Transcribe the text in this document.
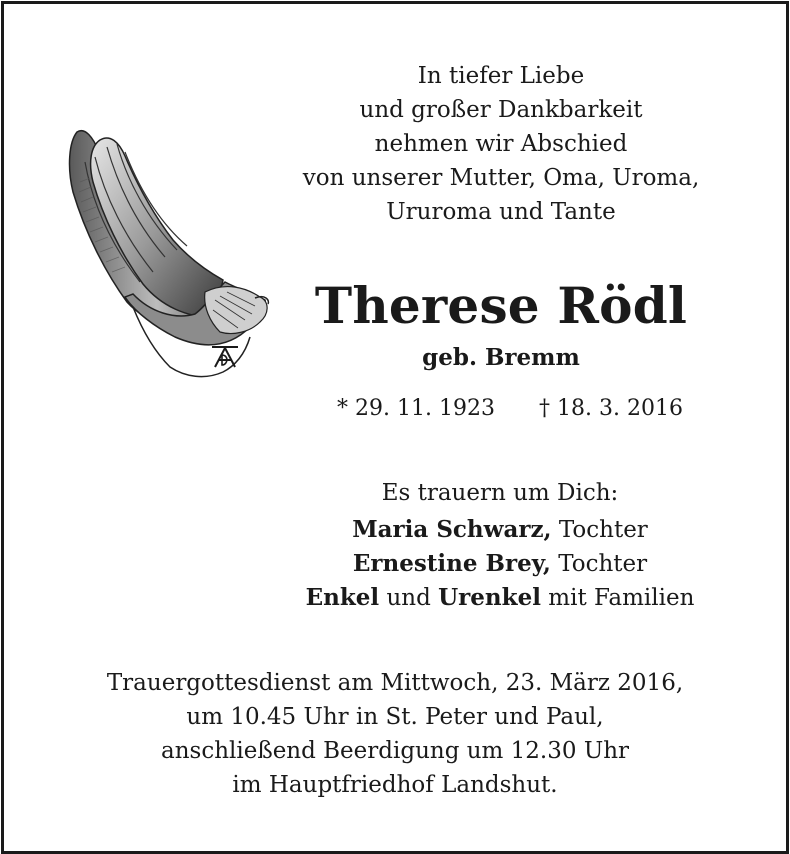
In tiefer Liebe
und großer Dankbarkeit
nehmen wir Abschied
von unserer Mutter, Oma, Uroma,
Ururoma und Tante
Therese Rödl
geb. Bremm
* 29. 11. 1923 † 18. 3. 2016
Es trauern um Dich:
Maria Schwarz, Tochter
Ernestine Brey, Tochter
Enkel und Urenkel mit Familien
Trauergottesdienst am Mittwoch, 23. März 2016,
um 10.45 Uhr in St. Peter und Paul,
anschließend Beerdigung um 12.30 Uhr
im Hauptfriedhof Landshut.
